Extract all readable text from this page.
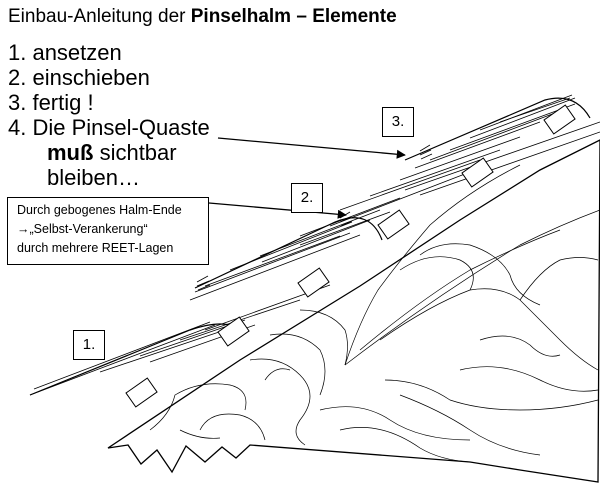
Einbau-Anleitung der Pinselhalm – Elemente
1. ansetzen
2. einschieben
3. fertig !
4. Die Pinsel-Quaste
muß sichtbar
bleiben…
Durch gebogenes Halm-Ende
→„Selbst-Verankerung“
durch mehrere REET-Lagen
1.
2.
3.
